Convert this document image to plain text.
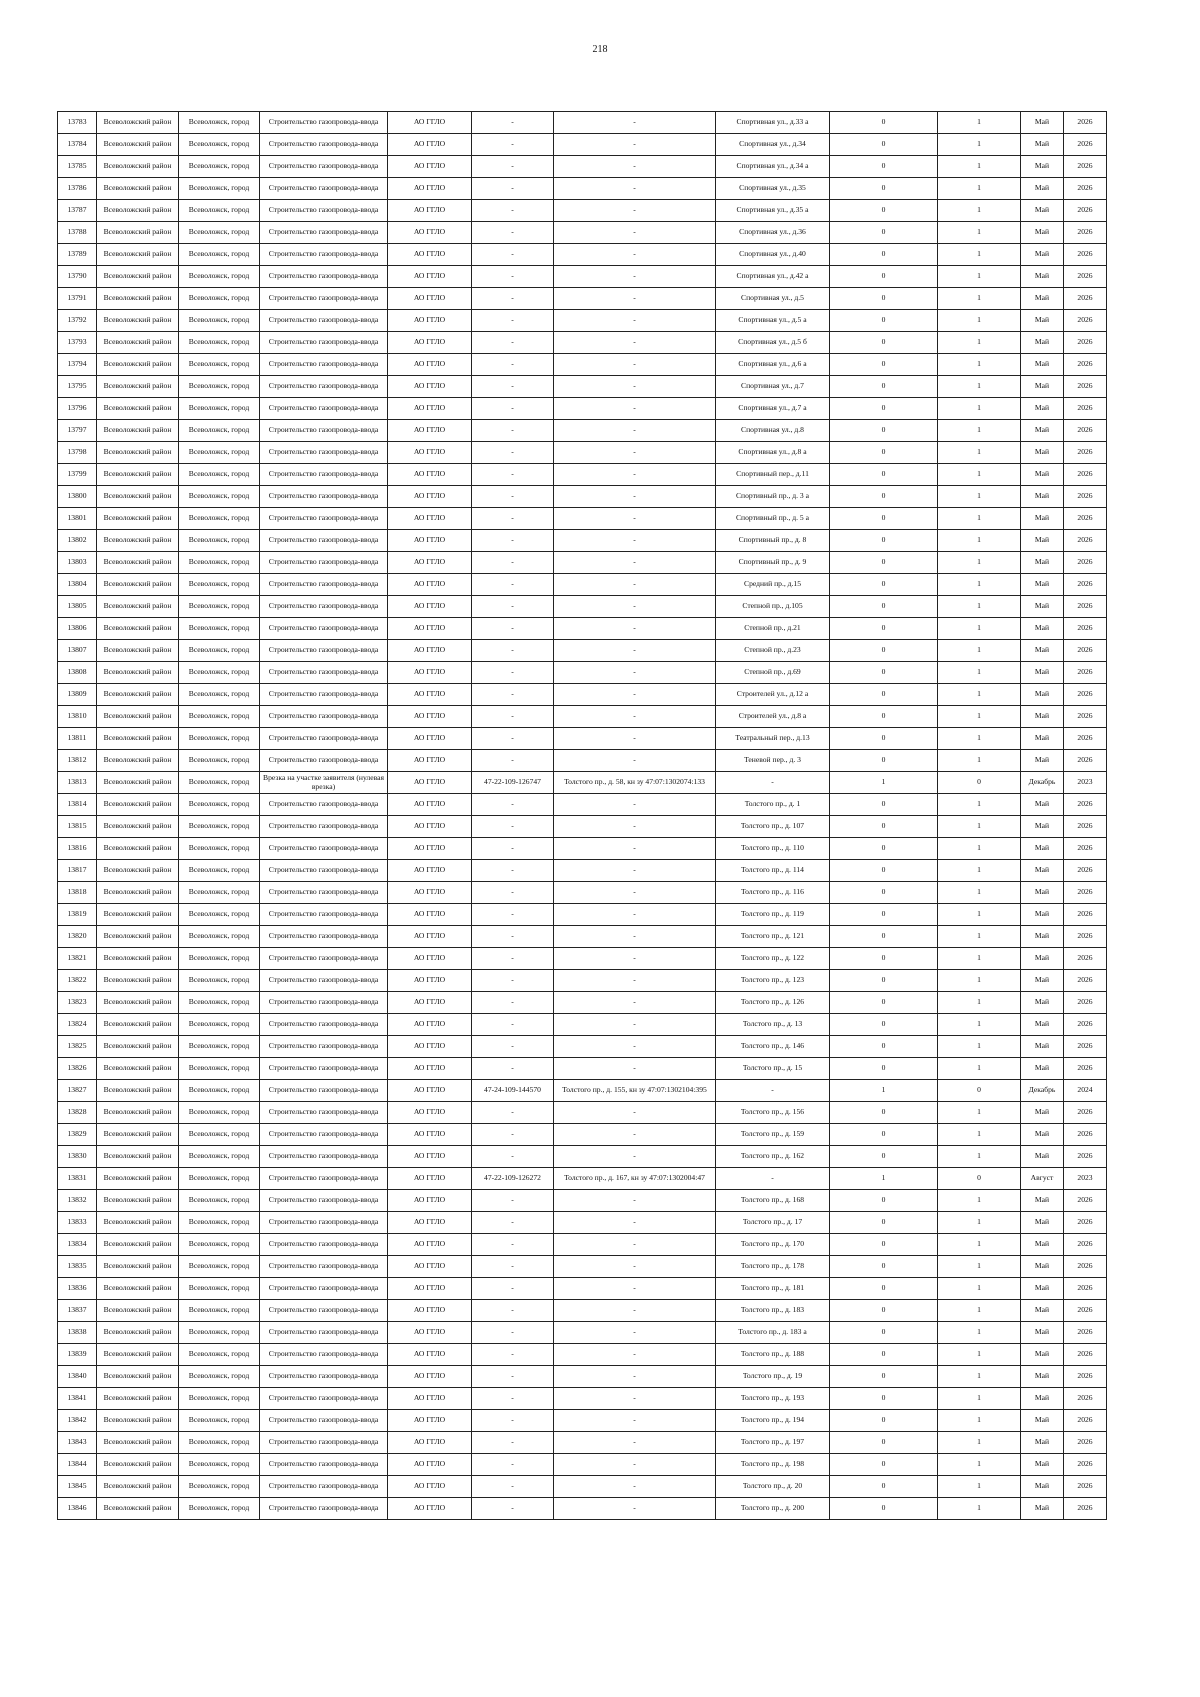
218
13783	Всеволожский район	Всеволожск, город	Строительство газопровода-ввода	АО ГГЛО	-	-	Спортивная ул., д.33 а	0	1	Май	2026
13784	Всеволожский район	Всеволожск, город	Строительство газопровода-ввода	АО ГГЛО	-	-	Спортивная ул., д.34	0	1	Май	2026
13785	Всеволожский район	Всеволожск, город	Строительство газопровода-ввода	АО ГГЛО	-	-	Спортивная ул., д.34 а	0	1	Май	2026
13786	Всеволожский район	Всеволожск, город	Строительство газопровода-ввода	АО ГГЛО	-	-	Спортивная ул., д.35	0	1	Май	2026
13787	Всеволожский район	Всеволожск, город	Строительство газопровода-ввода	АО ГГЛО	-	-	Спортивная ул., д.35 а	0	1	Май	2026
13788	Всеволожский район	Всеволожск, город	Строительство газопровода-ввода	АО ГГЛО	-	-	Спортивная ул., д.36	0	1	Май	2026
13789	Всеволожский район	Всеволожск, город	Строительство газопровода-ввода	АО ГГЛО	-	-	Спортивная ул., д.40	0	1	Май	2026
13790	Всеволожский район	Всеволожск, город	Строительство газопровода-ввода	АО ГГЛО	-	-	Спортивная ул., д.42 а	0	1	Май	2026
13791	Всеволожский район	Всеволожск, город	Строительство газопровода-ввода	АО ГГЛО	-	-	Спортивная ул., д.5	0	1	Май	2026
13792	Всеволожский район	Всеволожск, город	Строительство газопровода-ввода	АО ГГЛО	-	-	Спортивная ул., д.5 а	0	1	Май	2026
13793	Всеволожский район	Всеволожск, город	Строительство газопровода-ввода	АО ГГЛО	-	-	Спортивная ул., д.5 б	0	1	Май	2026
13794	Всеволожский район	Всеволожск, город	Строительство газопровода-ввода	АО ГГЛО	-	-	Спортивная ул., д.6 а	0	1	Май	2026
13795	Всеволожский район	Всеволожск, город	Строительство газопровода-ввода	АО ГГЛО	-	-	Спортивная ул., д.7	0	1	Май	2026
13796	Всеволожский район	Всеволожск, город	Строительство газопровода-ввода	АО ГГЛО	-	-	Спортивная ул., д.7 а	0	1	Май	2026
13797	Всеволожский район	Всеволожск, город	Строительство газопровода-ввода	АО ГГЛО	-	-	Спортивная ул., д.8	0	1	Май	2026
13798	Всеволожский район	Всеволожск, город	Строительство газопровода-ввода	АО ГГЛО	-	-	Спортивная ул., д.8 а	0	1	Май	2026
13799	Всеволожский район	Всеволожск, город	Строительство газопровода-ввода	АО ГГЛО	-	-	Спортивный пер., д.11	0	1	Май	2026
13800	Всеволожский район	Всеволожск, город	Строительство газопровода-ввода	АО ГГЛО	-	-	Спортивный пр., д. 3 а	0	1	Май	2026
13801	Всеволожский район	Всеволожск, город	Строительство газопровода-ввода	АО ГГЛО	-	-	Спортивный пр., д. 5 а	0	1	Май	2026
13802	Всеволожский район	Всеволожск, город	Строительство газопровода-ввода	АО ГГЛО	-	-	Спортивный пр., д. 8	0	1	Май	2026
13803	Всеволожский район	Всеволожск, город	Строительство газопровода-ввода	АО ГГЛО	-	-	Спортивный пр., д. 9	0	1	Май	2026
13804	Всеволожский район	Всеволожск, город	Строительство газопровода-ввода	АО ГГЛО	-	-	Средний пр., д.15	0	1	Май	2026
13805	Всеволожский район	Всеволожск, город	Строительство газопровода-ввода	АО ГГЛО	-	-	Степной пр., д.105	0	1	Май	2026
13806	Всеволожский район	Всеволожск, город	Строительство газопровода-ввода	АО ГГЛО	-	-	Степной пр., д.21	0	1	Май	2026
13807	Всеволожский район	Всеволожск, город	Строительство газопровода-ввода	АО ГГЛО	-	-	Степной пр., д.23	0	1	Май	2026
13808	Всеволожский район	Всеволожск, город	Строительство газопровода-ввода	АО ГГЛО	-	-	Степной пр., д.69	0	1	Май	2026
13809	Всеволожский район	Всеволожск, город	Строительство газопровода-ввода	АО ГГЛО	-	-	Строителей ул., д.12 а	0	1	Май	2026
13810	Всеволожский район	Всеволожск, город	Строительство газопровода-ввода	АО ГГЛО	-	-	Строителей ул., д.8 а	0	1	Май	2026
13811	Всеволожский район	Всеволожск, город	Строительство газопровода-ввода	АО ГГЛО	-	-	Театральный пер., д.13	0	1	Май	2026
13812	Всеволожский район	Всеволожск, город	Строительство газопровода-ввода	АО ГГЛО	-	-	Теневой пер., д. 3	0	1	Май	2026
13813	Всеволожский район	Всеволожск, город	Врезка на участке заявителя (нулевая врезка)	АО ГГЛО	47-22-109-126747	Толстого пр., д. 58, кн зу 47:07:1302074:133	-	1	0	Декабрь	2023
13814	Всеволожский район	Всеволожск, город	Строительство газопровода-ввода	АО ГГЛО	-	-	Толстого пр., д. 1	0	1	Май	2026
13815	Всеволожский район	Всеволожск, город	Строительство газопровода-ввода	АО ГГЛО	-	-	Толстого пр., д. 107	0	1	Май	2026
13816	Всеволожский район	Всеволожск, город	Строительство газопровода-ввода	АО ГГЛО	-	-	Толстого пр., д. 110	0	1	Май	2026
13817	Всеволожский район	Всеволожск, город	Строительство газопровода-ввода	АО ГГЛО	-	-	Толстого пр., д. 114	0	1	Май	2026
13818	Всеволожский район	Всеволожск, город	Строительство газопровода-ввода	АО ГГЛО	-	-	Толстого пр., д. 116	0	1	Май	2026
13819	Всеволожский район	Всеволожск, город	Строительство газопровода-ввода	АО ГГЛО	-	-	Толстого пр., д. 119	0	1	Май	2026
13820	Всеволожский район	Всеволожск, город	Строительство газопровода-ввода	АО ГГЛО	-	-	Толстого пр., д. 121	0	1	Май	2026
13821	Всеволожский район	Всеволожск, город	Строительство газопровода-ввода	АО ГГЛО	-	-	Толстого пр., д. 122	0	1	Май	2026
13822	Всеволожский район	Всеволожск, город	Строительство газопровода-ввода	АО ГГЛО	-	-	Толстого пр., д. 123	0	1	Май	2026
13823	Всеволожский район	Всеволожск, город	Строительство газопровода-ввода	АО ГГЛО	-	-	Толстого пр., д. 126	0	1	Май	2026
13824	Всеволожский район	Всеволожск, город	Строительство газопровода-ввода	АО ГГЛО	-	-	Толстого пр., д. 13	0	1	Май	2026
13825	Всеволожский район	Всеволожск, город	Строительство газопровода-ввода	АО ГГЛО	-	-	Толстого пр., д. 146	0	1	Май	2026
13826	Всеволожский район	Всеволожск, город	Строительство газопровода-ввода	АО ГГЛО	-	-	Толстого пр., д. 15	0	1	Май	2026
13827	Всеволожский район	Всеволожск, город	Строительство газопровода-ввода	АО ГГЛО	47-24-109-144570	Толстого пр., д. 155, кн зу 47:07:1302104:395	-	1	0	Декабрь	2024
13828	Всеволожский район	Всеволожск, город	Строительство газопровода-ввода	АО ГГЛО	-	-	Толстого пр., д. 156	0	1	Май	2026
13829	Всеволожский район	Всеволожск, город	Строительство газопровода-ввода	АО ГГЛО	-	-	Толстого пр., д. 159	0	1	Май	2026
13830	Всеволожский район	Всеволожск, город	Строительство газопровода-ввода	АО ГГЛО	-	-	Толстого пр., д. 162	0	1	Май	2026
13831	Всеволожский район	Всеволожск, город	Строительство газопровода-ввода	АО ГГЛО	47-22-109-126272	Толстого пр., д. 167, кн зу 47:07:1302004:47	-	1	0	Август	2023
13832	Всеволожский район	Всеволожск, город	Строительство газопровода-ввода	АО ГГЛО	-	-	Толстого пр., д. 168	0	1	Май	2026
13833	Всеволожский район	Всеволожск, город	Строительство газопровода-ввода	АО ГГЛО	-	-	Толстого пр., д. 17	0	1	Май	2026
13834	Всеволожский район	Всеволожск, город	Строительство газопровода-ввода	АО ГГЛО	-	-	Толстого пр., д. 170	0	1	Май	2026
13835	Всеволожский район	Всеволожск, город	Строительство газопровода-ввода	АО ГГЛО	-	-	Толстого пр., д. 178	0	1	Май	2026
13836	Всеволожский район	Всеволожск, город	Строительство газопровода-ввода	АО ГГЛО	-	-	Толстого пр., д. 181	0	1	Май	2026
13837	Всеволожский район	Всеволожск, город	Строительство газопровода-ввода	АО ГГЛО	-	-	Толстого пр., д. 183	0	1	Май	2026
13838	Всеволожский район	Всеволожск, город	Строительство газопровода-ввода	АО ГГЛО	-	-	Толстого пр., д. 183 а	0	1	Май	2026
13839	Всеволожский район	Всеволожск, город	Строительство газопровода-ввода	АО ГГЛО	-	-	Толстого пр., д. 188	0	1	Май	2026
13840	Всеволожский район	Всеволожск, город	Строительство газопровода-ввода	АО ГГЛО	-	-	Толстого пр., д. 19	0	1	Май	2026
13841	Всеволожский район	Всеволожск, город	Строительство газопровода-ввода	АО ГГЛО	-	-	Толстого пр., д. 193	0	1	Май	2026
13842	Всеволожский район	Всеволожск, город	Строительство газопровода-ввода	АО ГГЛО	-	-	Толстого пр., д. 194	0	1	Май	2026
13843	Всеволожский район	Всеволожск, город	Строительство газопровода-ввода	АО ГГЛО	-	-	Толстого пр., д. 197	0	1	Май	2026
13844	Всеволожский район	Всеволожск, город	Строительство газопровода-ввода	АО ГГЛО	-	-	Толстого пр., д. 198	0	1	Май	2026
13845	Всеволожский район	Всеволожск, город	Строительство газопровода-ввода	АО ГГЛО	-	-	Толстого пр., д. 20	0	1	Май	2026
13846	Всеволожский район	Всеволожск, город	Строительство газопровода-ввода	АО ГГЛО	-	-	Толстого пр., д. 200	0	1	Май	2026
